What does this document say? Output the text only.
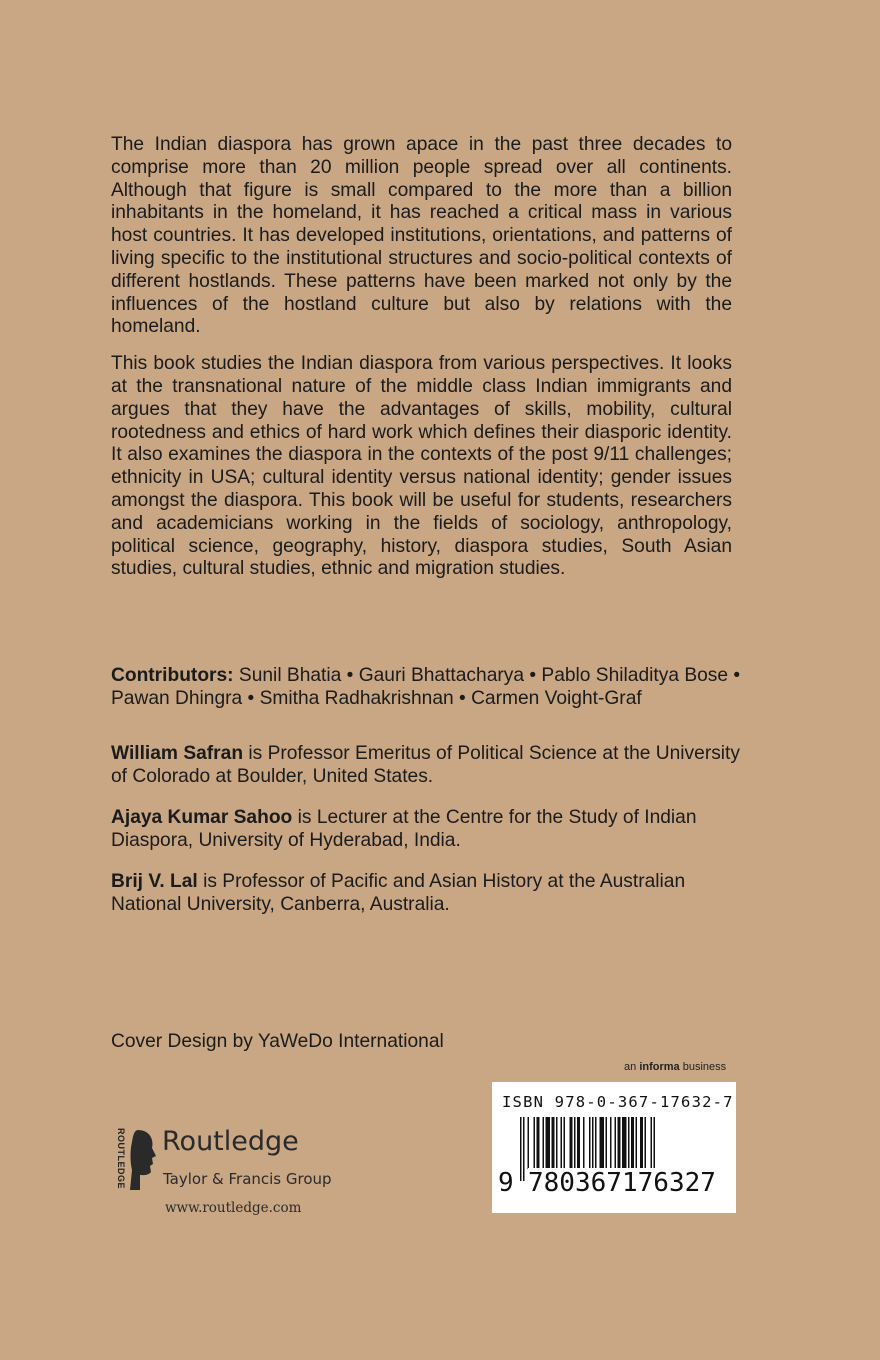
The Indian diaspora has grown apace in the past three decades to comprise more than 20 million people spread over all continents. Although that figure is small compared to the more than a billion inhabitants in the homeland, it has reached a critical mass in various host countries. It has developed institutions, orientations, and patterns of living specific to the institutional structures and socio-political contexts of different hostlands. These patterns have been marked not only by the influences of the hostland culture but also by relations with the homeland.

This book studies the Indian diaspora from various perspectives. It looks at the transnational nature of the middle class Indian immigrants and argues that they have the advantages of skills, mobility, cultural rootedness and ethics of hard work which defines their diasporic identity. It also examines the diaspora in the contexts of the post 9/11 challenges; ethnicity in USA; cultural identity versus national identity; gender issues amongst the diaspora. This book will be useful for students, researchers and academicians working in the fields of sociology, anthropology, political science, geography, history, diaspora studies, South Asian studies, cultural studies, ethnic and migration studies.

Contributors: Sunil Bhatia • Gauri Bhattacharya • Pablo Shiladitya Bose • Pawan Dhingra • Smitha Radhakrishnan • Carmen Voight-Graf
William Safran is Professor Emeritus of Political Science at the University of Colorado at Boulder, United States.
Ajaya Kumar Sahoo is Lecturer at the Centre for the Study of Indian Diaspora, University of Hyderabad, India.
Brij V. Lal is Professor of Pacific and Asian History at the Australian National University, Canberra, Australia.
Cover Design by YaWeDo International
an informa business
ISBN 978-0-367-17632-7
9 780367 176327
ROUTLEDGE Routledge
Taylor & Francis Group
www.routledge.com
